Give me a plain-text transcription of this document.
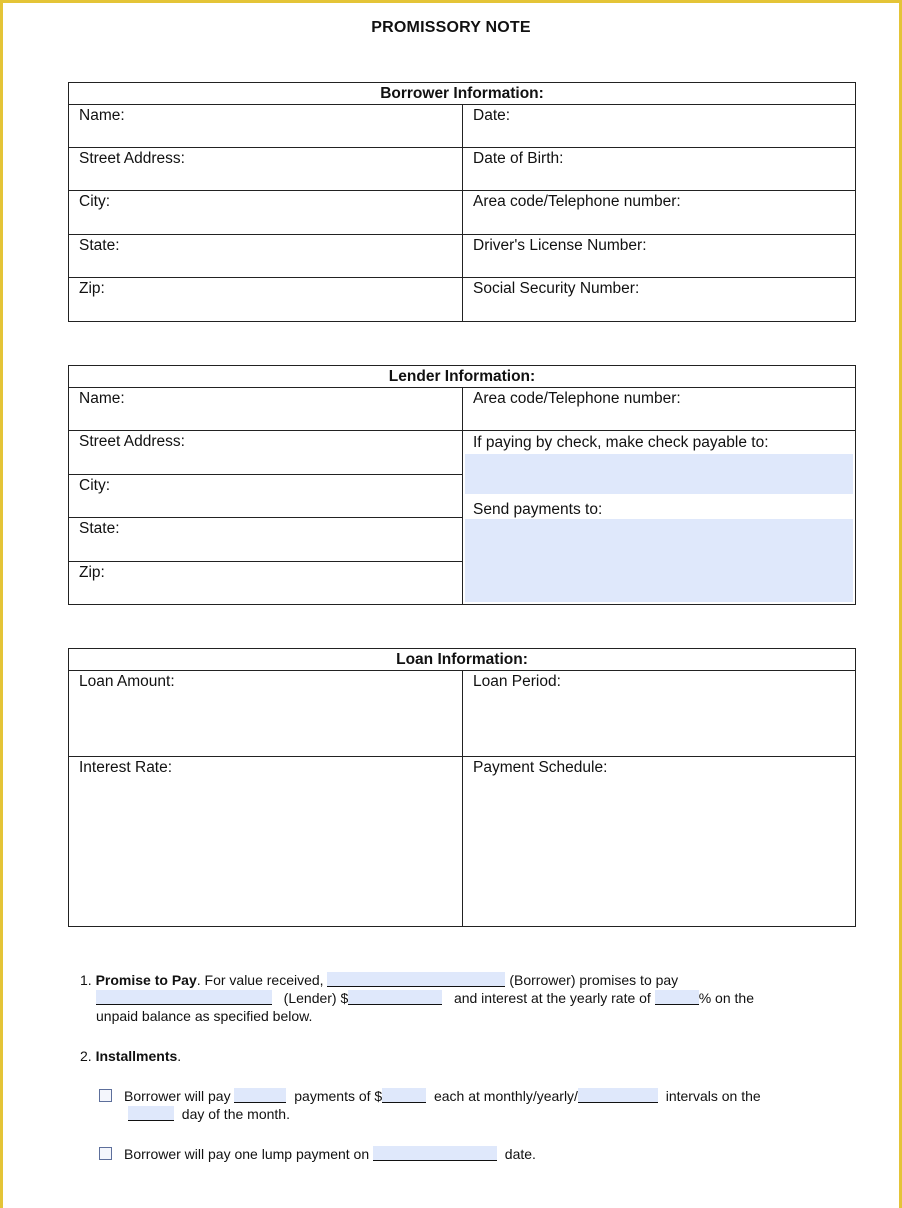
PROMISSORY NOTE
Borrower Information:	

Name:	Date:

Street Address:	Date of Birth:

City:	Area code/Telephone number:

State:	Driver's License Number:

Zip:	Social Security Number:
Lender Information:	

Name:	Area code/Telephone number:

Street Address:	If paying by check, make check payable to:
Send payments to:

City:	

State:	

Zip:	
Loan Information:	

Loan Amount:	Loan Period:

Interest Rate:	Payment Schedule:
1. Promise to Pay. For value received,	(Borrower) promises to pay
(Lender) $	and interest at the yearly rate of	% on the
unpaid balance as specified below.
2. Installments.
Borrower will pay	payments of $	each at monthly/yearly/	intervals on the
day of the month.
Borrower will pay one lump payment on	date.
